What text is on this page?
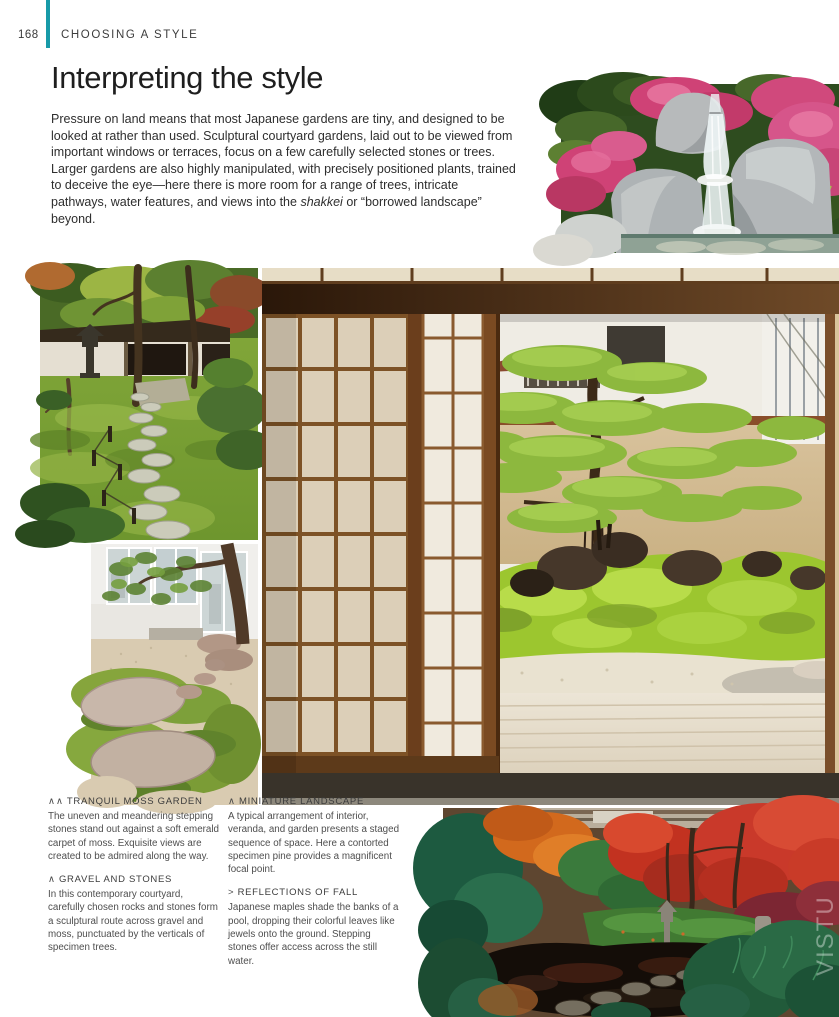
168 CHOOSING A STYLE
Interpreting the style

Pressure on land means that most Japanese gardens are tiny, and designed to be looked at rather than used. Sculptural courtyard gardens, laid out to be viewed from important windows or terraces, focus on a few carefully selected stones or trees. Larger gardens are also highly manipulated, with precisely positioned plants, trained to deceive the eye—here there is more room for a range of trees, intricate pathways, water features, and views into the shakkei or “borrowed landscape” beyond.

∧∧ TRANQUIL MOSS GARDEN

The uneven and meandering stepping stones stand out against a soft emerald carpet of moss. Exquisite views are created to be admired along the way.

∧ GRAVEL AND STONES

In this contemporary courtyard, carefully chosen rocks and stones form a sculptural route across gravel and moss, punctuated by the verticals of specimen trees.

∧ MINIATURE LANDSCAPE

A typical arrangement of interior, veranda, and garden presents a staged sequence of space. Here a contorted specimen pine provides a magnificent focal point.

> REFLECTIONS OF FALL

Japanese maples shade the banks of a pool, dropping their colorful leaves like jewels onto the ground. Stepping stones offer access across the still water.	VISTU
